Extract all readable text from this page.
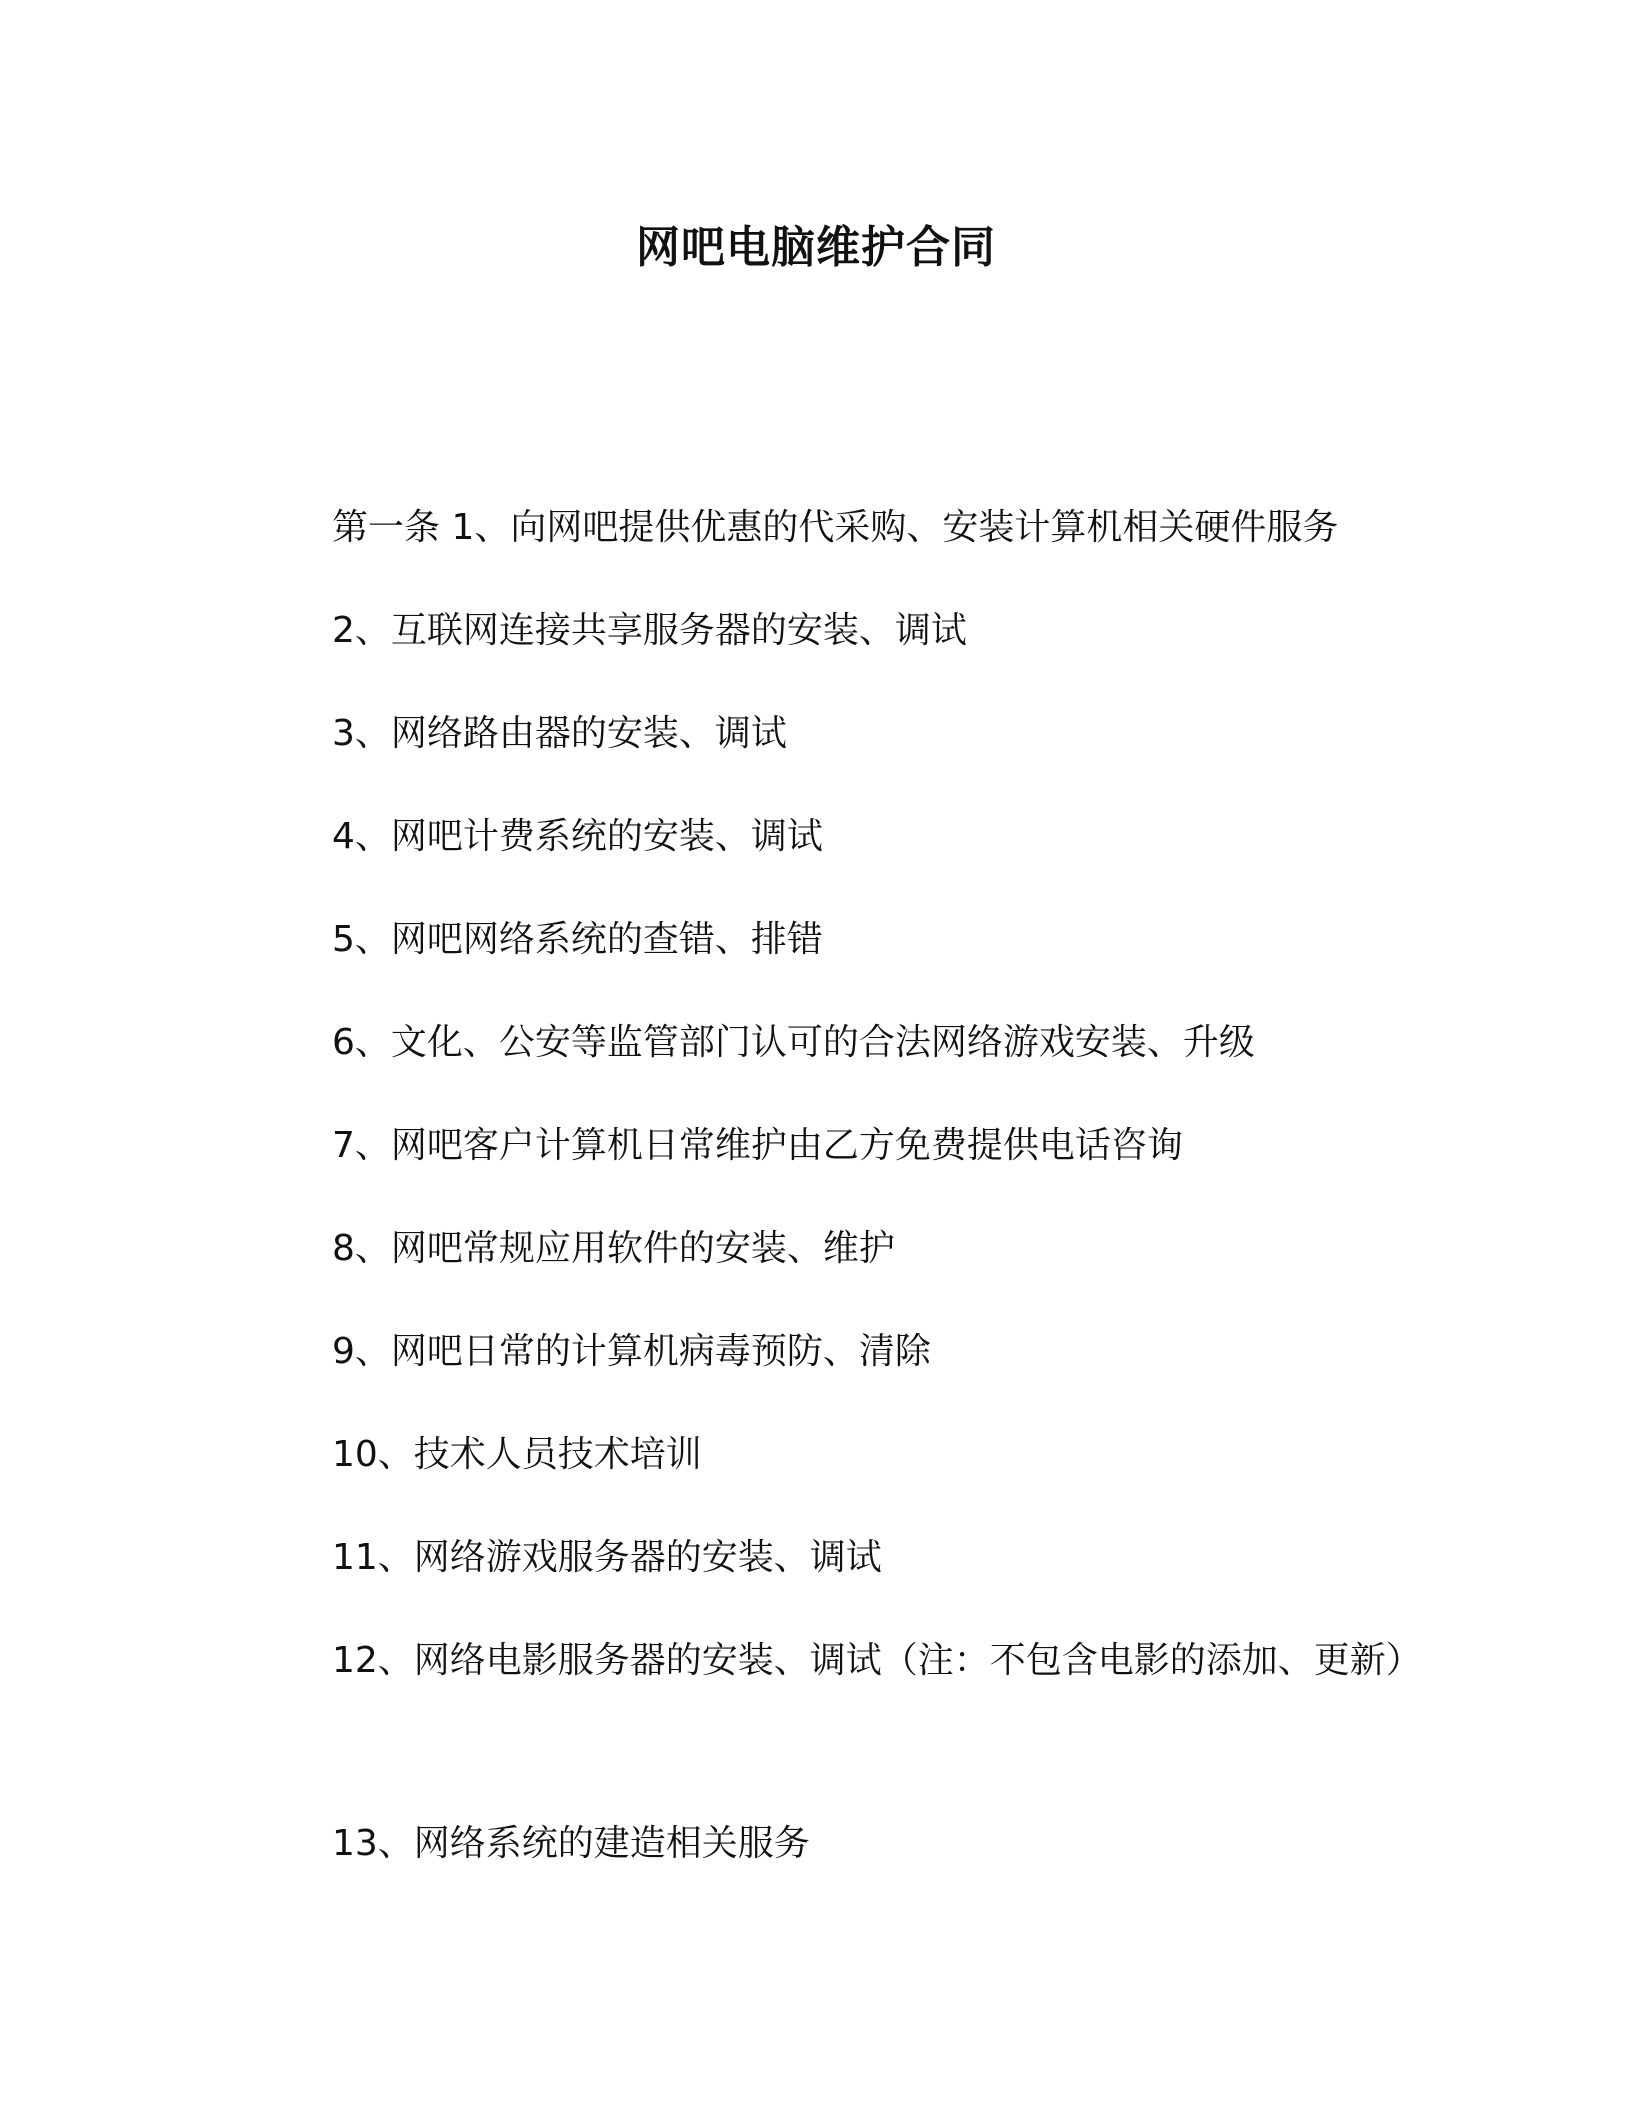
网吧电脑维护合同
第一条 1、向网吧提供优惠的代采购、安装计算机相关硬件服务
2、互联网连接共享服务器的安装、调试
3、网络路由器的安装、调试
4、网吧计费系统的安装、调试
5、网吧网络系统的查错、排错
6、文化、公安等监管部门认可的合法网络游戏安装、升级
7、网吧客户计算机日常维护由乙方免费提供电话咨询
8、网吧常规应用软件的安装、维护
9、网吧日常的计算机病毒预防、清除
10、技术人员技术培训
11、网络游戏服务器的安装、调试
12、网络电影服务器的安装、调试（注：不包含电影的添加、更新）
13、网络系统的建造相关服务
